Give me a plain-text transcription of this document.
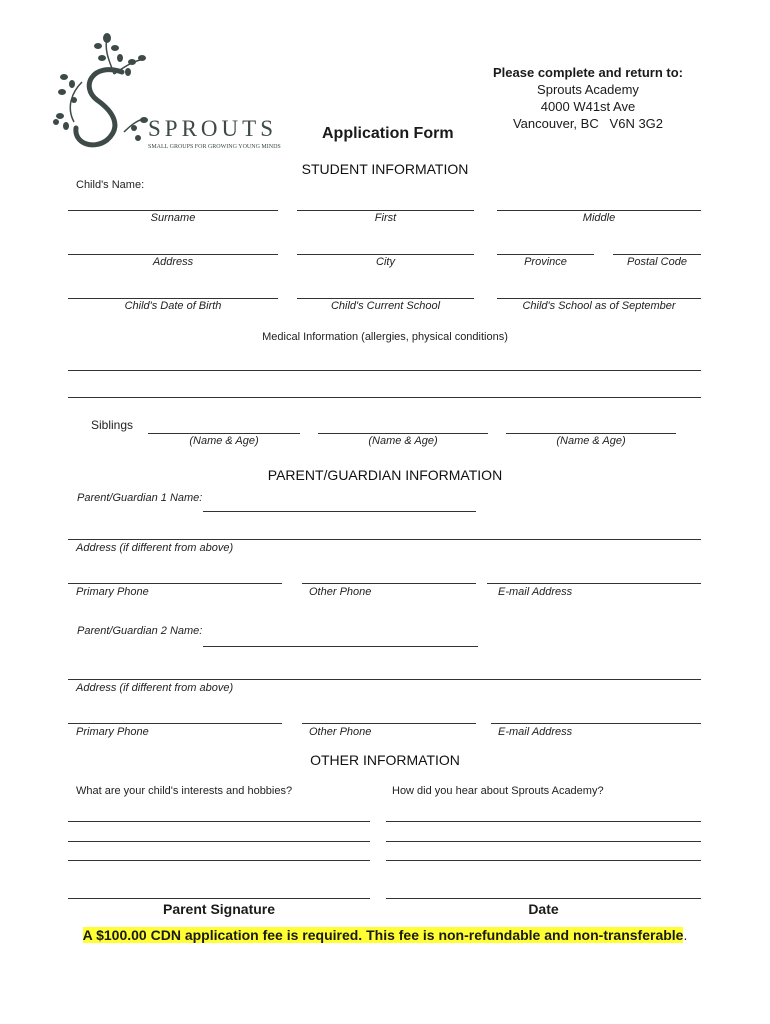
SPROUTS
SMALL GROUPS FOR GROWING YOUNG MINDS
Please complete and return to:
Sprouts Academy
4000 W41st Ave
Vancouver, BC   V6N 3G2
Application Form
STUDENT INFORMATION
Child's Name:
Surname	First	Middle
Address	City	Province	Postal Code
Child's Date of Birth	Child's Current School	Child's School as of September
Medical Information (allergies, physical conditions)
Siblings
(Name & Age)	(Name & Age)	(Name & Age)
PARENT/GUARDIAN INFORMATION
Parent/Guardian 1 Name:
Address (if different from above)
Primary Phone	Other Phone	E-mail Address
Parent/Guardian 2 Name:
Address (if different from above)
Primary Phone	Other Phone	E-mail Address
OTHER INFORMATION
What are your child's interests and hobbies?	How did you hear about Sprouts Academy?
Parent Signature	Date
A $100.00 CDN application fee is required. This fee is non-refundable and non-transferable.
